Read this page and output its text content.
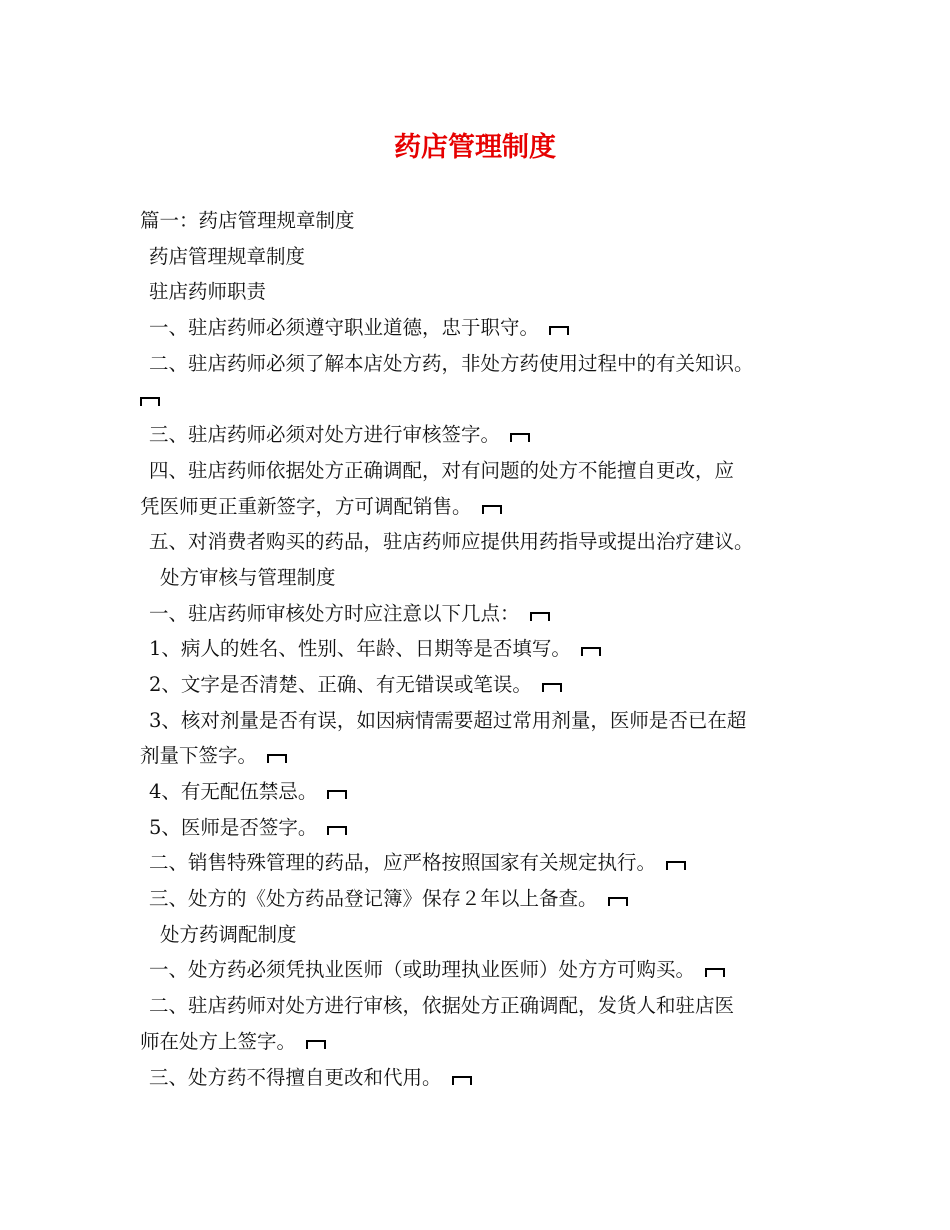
药店管理制度

篇一：药店管理规章制度

药店管理规章制度

驻店药师职责

一、驻店药师必须遵守职业道德，忠于职守。

二、驻店药师必须了解本店处方药，非处方药使用过程中的有关知识。

三、驻店药师必须对处方进行审核签字。

四、驻店药师依据处方正确调配，对有问题的处方不能擅自更改，应

凭医师更正重新签字，方可调配销售。

五、对消费者购买的药品，驻店药师应提供用药指导或提出治疗建议。

处方审核与管理制度

一、驻店药师审核处方时应注意以下几点：

1、病人的姓名、性别、年龄、日期等是否填写。

2、文字是否清楚、正确、有无错误或笔误。

3、核对剂量是否有误，如因病情需要超过常用剂量，医师是否已在超

剂量下签字。

4、有无配伍禁忌。

5、医师是否签字。

二、销售特殊管理的药品，应严格按照国家有关规定执行。

三、处方的《处方药品登记簿》保存２年以上备查。

处方药调配制度

一、处方药必须凭执业医师（或助理执业医师）处方方可购买。

二、驻店药师对处方进行审核，依据处方正确调配，发货人和驻店医

师在处方上签字。

三、处方药不得擅自更改和代用。
